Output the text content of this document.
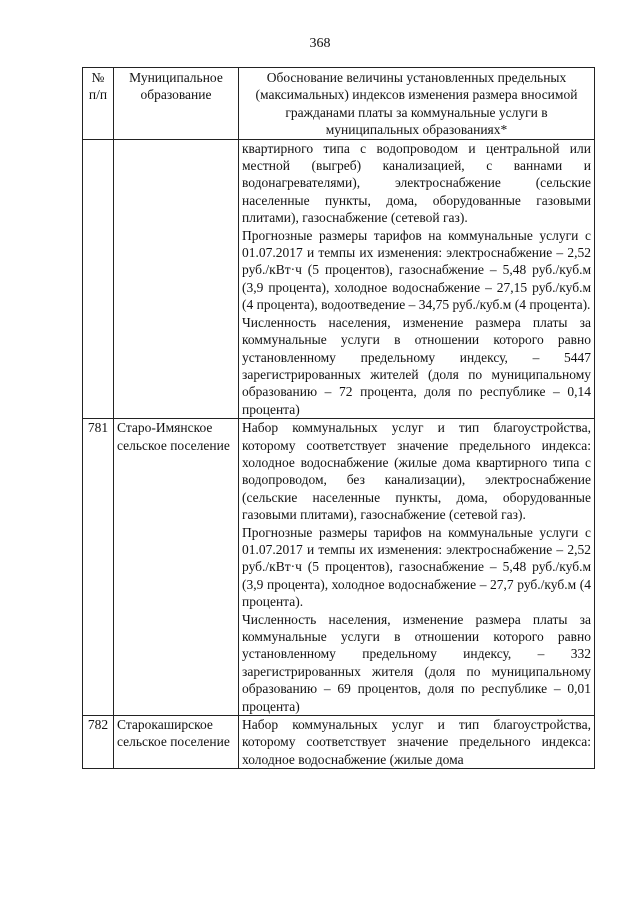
368
№ п/п	Муниципальное образование	Обоснование величины установленных предельных (максимальных) индексов изменения размера вносимой гражданами платы за коммунальные услуги в муниципальных образованиях*

		квартирного типа с водопроводом и центральной или местной (выгреб) канализацией, с ваннами и водонагревателями), электроснабжение (сельские населенные пункты, дома, оборудованные газовыми плитами), газоснабжение (сетевой газ).

Прогнозные размеры тарифов на коммунальные услуги с 01.07.2017 и темпы их изменения: электроснабжение – 2,52 руб./кВт·ч (5 процентов), газоснабжение – 5,48 руб./куб.м (3,9 процента), холодное водоснабжение – 27,15 руб./куб.м (4 процента), водоотведение – 34,75 руб./куб.м (4 процента).

Численность населения, изменение размера платы за коммунальные услуги в отношении которого равно установленному предельному индексу, – 5447 зарегистрированных жителей (доля по муниципальному образованию – 72 процента, доля по республике – 0,14 процента)

781	Старо-Имянское сельское поселение	Набор коммунальных услуг и тип благоустройства, которому соответствует значение предельного индекса: холодное водоснабжение (жилые дома квартирного типа с водопроводом, без канализации), электроснабжение (сельские населенные пункты, дома, оборудованные газовыми плитами), газоснабжение (сетевой газ).

Прогнозные размеры тарифов на коммунальные услуги с 01.07.2017 и темпы их изменения: электроснабжение – 2,52 руб./кВт·ч (5 процентов), газоснабжение – 5,48 руб./куб.м (3,9 процента), холодное водоснабжение – 27,7 руб./куб.м (4 процента).

Численность населения, изменение размера платы за коммунальные услуги в отношении которого равно установленному предельному индексу, – 332 зарегистрированных жителя (доля по муниципальному образованию – 69 процентов, доля по республике – 0,01 процента)

782	Старокаширское сельское поселение	Набор коммунальных услуг и тип благоустройства, которому соответствует значение предельного индекса: холодное водоснабжение (жилые дома
